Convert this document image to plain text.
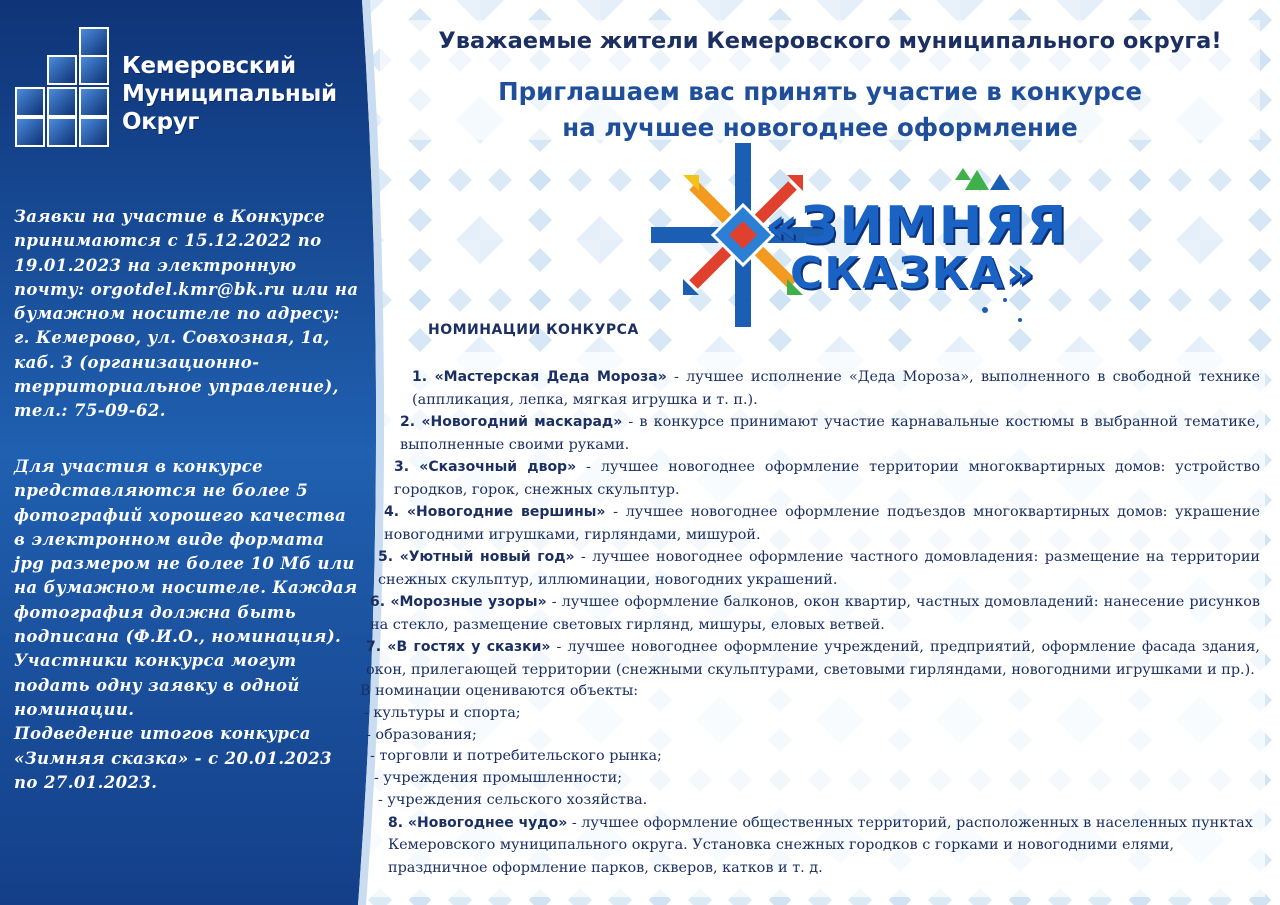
Кемеровский
Муниципальный
Округ

Заявки на участие в Конкурсе принимаются с 15.12.2022 по 19.01.2023 на электронную почту: orgotdel.kmr@bk.ru или на бумажном носителе по адресу: г. Кемерово, ул. Совхозная, 1а, каб. 3 (организационно-территориальное управление), тел.: 75-09-62.

Для участия в конкурсе представляются не более 5 фотографий хорошего качества в электронном виде формата jpg размером не более 10 Мб или на бумажном носителе. Каждая фотография должна быть подписана (Ф.И.О., номинация).

Участники конкурса могут подать одну заявку в одной номинации.

Подведение итогов конкурса «Зимняя сказка» - с 20.01.2023 по 27.01.2023.

Уважаемые жители Кемеровского муниципального округа!
Приглашаем вас принять участие в конкурсе
на лучшее новогоднее оформление
«ЗИМНЯЯ
СКАЗКА»
НОМИНАЦИИ КОНКУРСА
1. «Мастерская Деда Мороза» - лучшее исполнение «Деда Мороза», выполненного в свободной технике (аппликация, лепка, мягкая игрушка и т. п.).
2. «Новогодний маскарад» - в конкурсе принимают участие карнавальные костюмы в выбранной тематике, выполненные своими руками.
3. «Сказочный двор» - лучшее новогоднее оформление территории многоквартирных домов: устройство городков, горок, снежных скульптур.
4. «Новогодние вершины» - лучшее новогоднее оформление подъездов многоквартирных домов: украшение новогодними игрушками, гирляндами, мишурой.
5. «Уютный новый год» - лучшее новогоднее оформление частного домовладения: размещение на территории снежных скульптур, иллюминации, новогодних украшений.
6. «Морозные узоры» - лучшее оформление балконов, окон квартир, частных домовладений: нанесение рисунков на стекло, размещение световых гирлянд, мишуры, еловых ветвей.
7. «В гостях у сказки» - лучшее новогоднее оформление учреждений, предприятий, оформление фасада здания, окон, прилегающей территории (снежными скульптурами, световыми гирляндами, новогодними игрушками и пр.).
В номинации оцениваются объекты:
- культуры и спорта;
- образования;
- торговли и потребительского рынка;
- учреждения промышленности;
- учреждения сельского хозяйства.
8. «Новогоднее чудо» - лучшее оформление общественных территорий, расположенных в населенных пунктах Кемеровского муниципального округа. Установка снежных городков с горками и новогодними елями, праздничное оформление парков, скверов, катков и т. д.
